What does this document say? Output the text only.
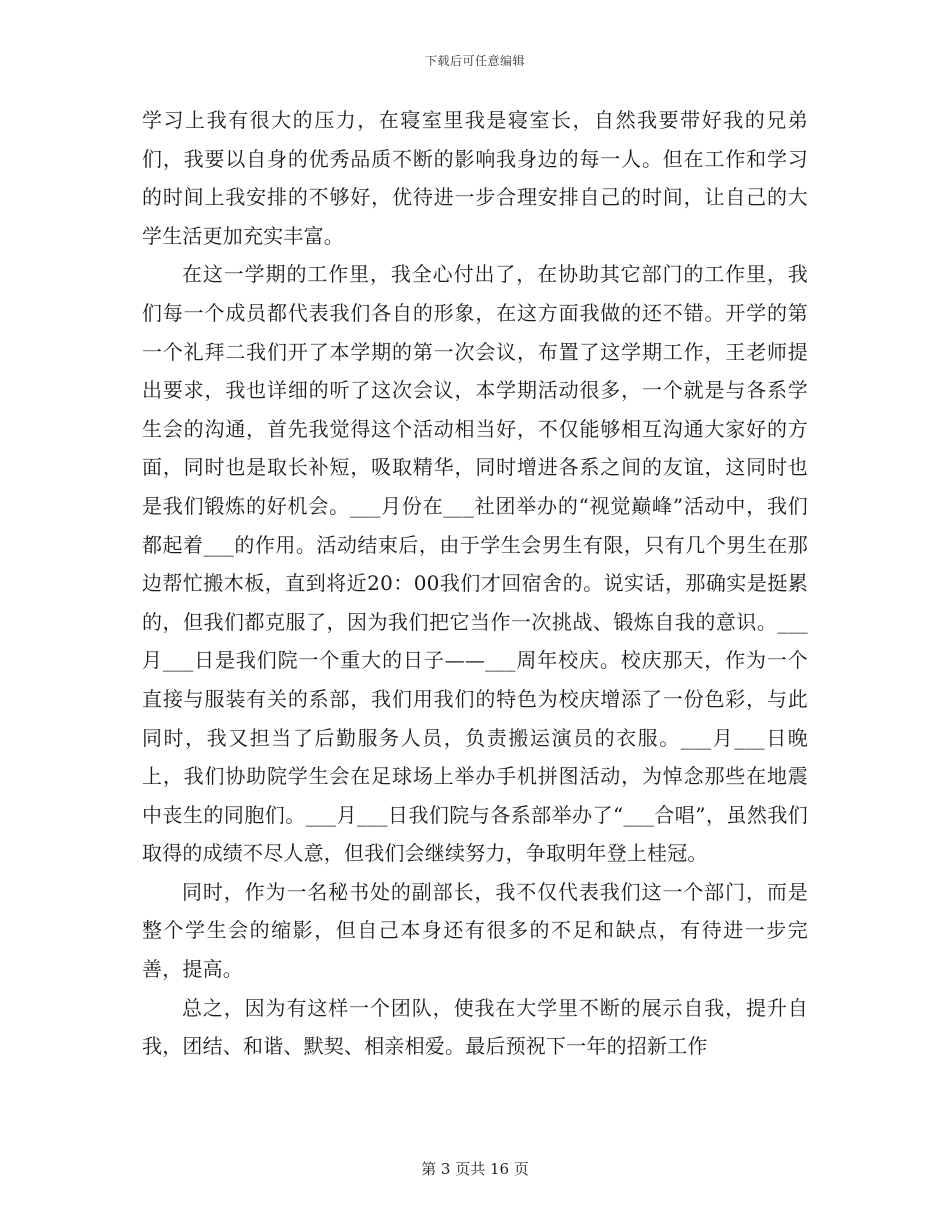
下载后可任意编辑

学习上我有很大的压力，在寝室里我是寝室长，自然我要带好我的兄弟们，我要以自身的优秀品质不断的影响我身边的每一人。但在工作和学习的时间上我安排的不够好，优待进一步合理安排自己的时间，让自己的大学生活更加充实丰富。

在这一学期的工作里，我全心付出了，在协助其它部门的工作里，我们每一个成员都代表我们各自的形象，在这方面我做的还不错。开学的第一个礼拜二我们开了本学期的第一次会议，布置了这学期工作，王老师提出要求，我也详细的听了这次会议，本学期活动很多，一个就是与各系学生会的沟通，首先我觉得这个活动相当好，不仅能够相互沟通大家好的方面，同时也是取长补短，吸取精华，同时增进各系之间的友谊，这同时也是我们锻炼的好机会。___月份在___社团举办的“视觉巅峰”活动中，我们都起着___的作用。活动结束后，由于学生会男生有限，只有几个男生在那边帮忙搬木板，直到将近20：00我们才回宿舍的。说实话，那确实是挺累的，但我们都克服了，因为我们把它当作一次挑战、锻炼自我的意识。___月___日是我们院一个重大的日子——___周年校庆。校庆那天，作为一个直接与服装有关的系部，我们用我们的特色为校庆增添了一份色彩，与此同时，我又担当了后勤服务人员，负责搬运演员的衣服。___月___日晚上，我们协助院学生会在足球场上举办手机拼图活动，为悼念那些在地震中丧生的同胞们。___月___日我们院与各系部举办了“___合唱”，虽然我们取得的成绩不尽人意，但我们会继续努力，争取明年登上桂冠。

同时，作为一名秘书处的副部长，我不仅代表我们这一个部门，而是整个学生会的缩影，但自己本身还有很多的不足和缺点，有待进一步完善，提高。

总之，因为有这样一个团队，使我在大学里不断的展示自我，提升自我，团结、和谐、默契、相亲相爱。最后预祝下一年的招新工作

第 3 页共 16 页
